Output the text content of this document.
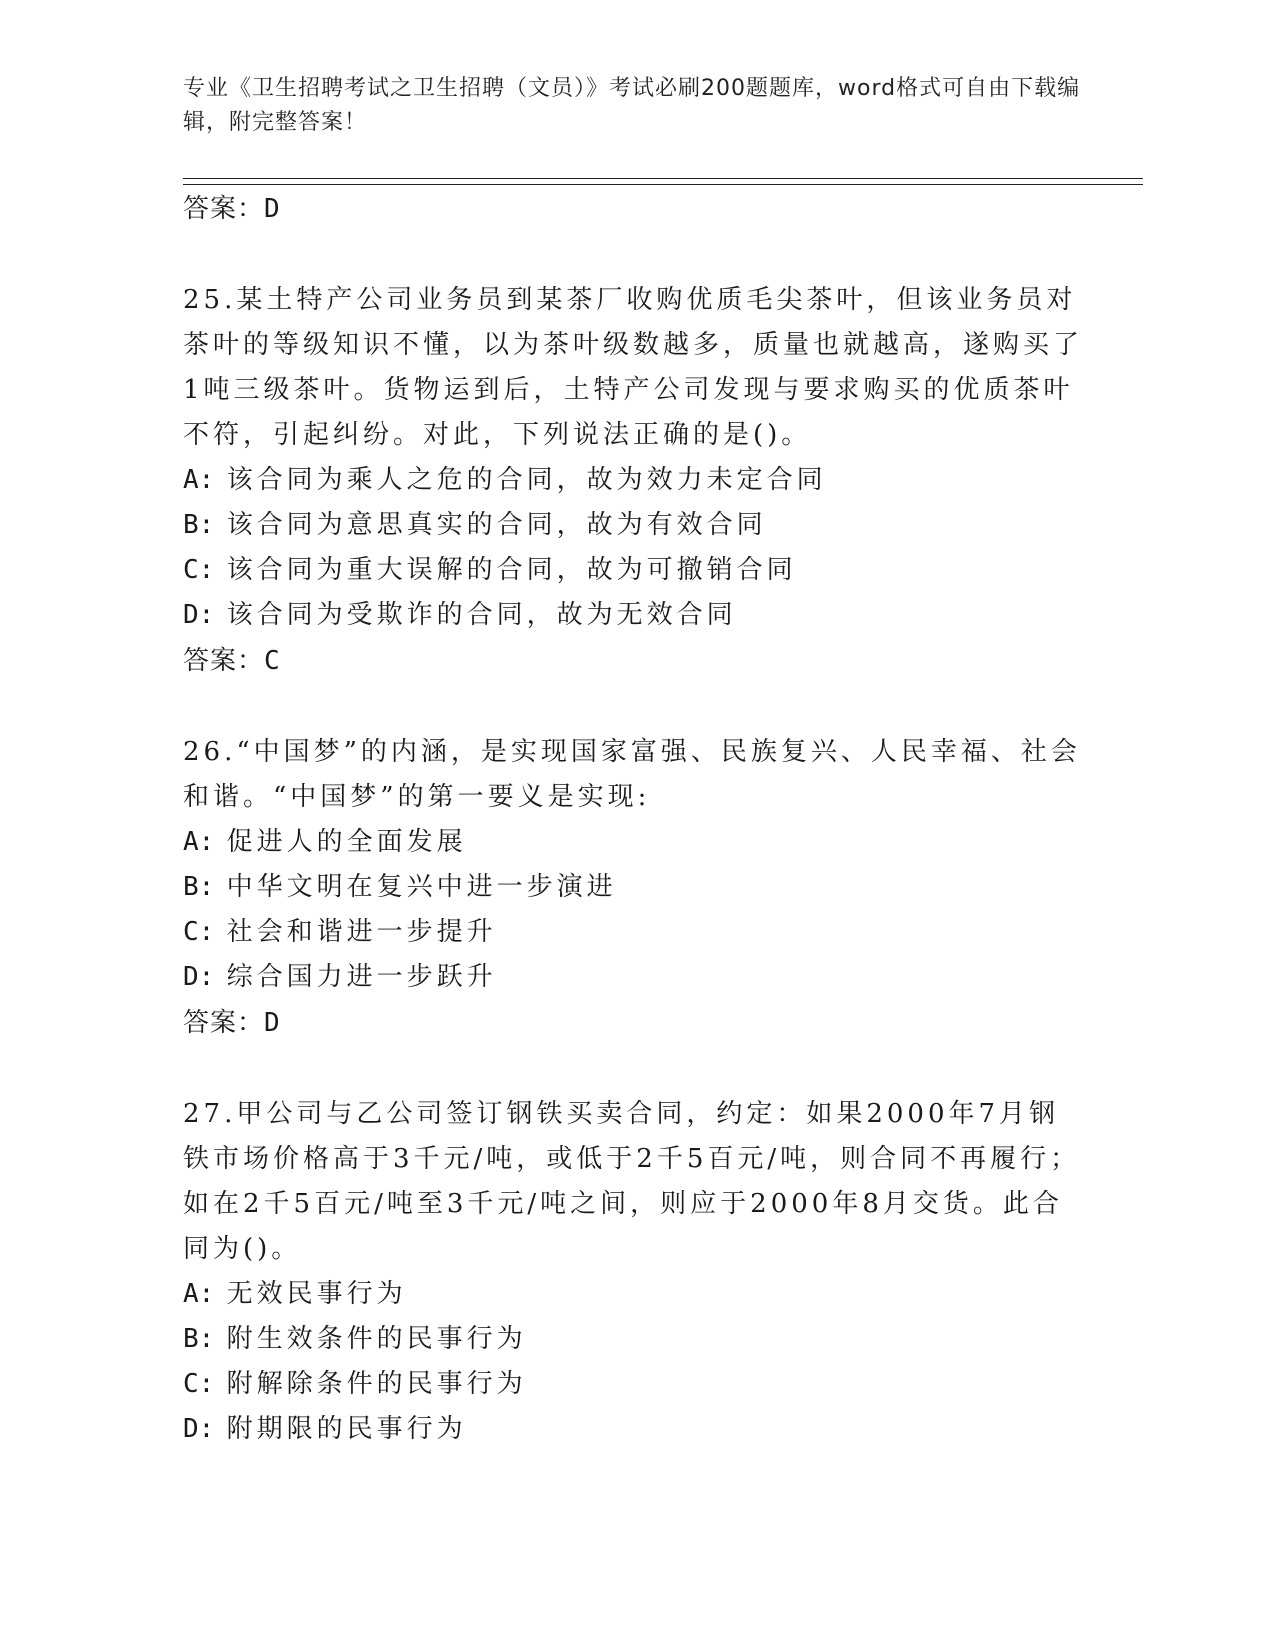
专业《卫生招聘考试之卫生招聘（文员）》考试必刷200题题库，word格式可自由下载编辑，附完整答案！

答案：D

25.某土特产公司业务员到某茶厂收购优质毛尖茶叶，但该业务员对茶叶的等级知识不懂，以为茶叶级数越多，质量也就越高，遂购买了1吨三级茶叶。货物运到后，土特产公司发现与要求购买的优质茶叶不符，引起纠纷。对此，下列说法正确的是()。

A: 该合同为乘人之危的合同，故为效力未定合同

B: 该合同为意思真实的合同，故为有效合同

C: 该合同为重大误解的合同，故为可撤销合同

D: 该合同为受欺诈的合同，故为无效合同

答案：C

26.“中国梦”的内涵，是实现国家富强、民族复兴、人民幸福、社会和谐。“中国梦”的第一要义是实现:

A: 促进人的全面发展

B: 中华文明在复兴中进一步演进

C: 社会和谐进一步提升

D: 综合国力进一步跃升

答案：D

27.甲公司与乙公司签订钢铁买卖合同，约定：如果2000年7月钢铁市场价格高于3千元/吨，或低于2千5百元/吨，则合同不再履行；如在2千5百元/吨至3千元/吨之间，则应于2000年8月交货。此合同为()。

A: 无效民事行为

B: 附生效条件的民事行为

C: 附解除条件的民事行为

D: 附期限的民事行为
